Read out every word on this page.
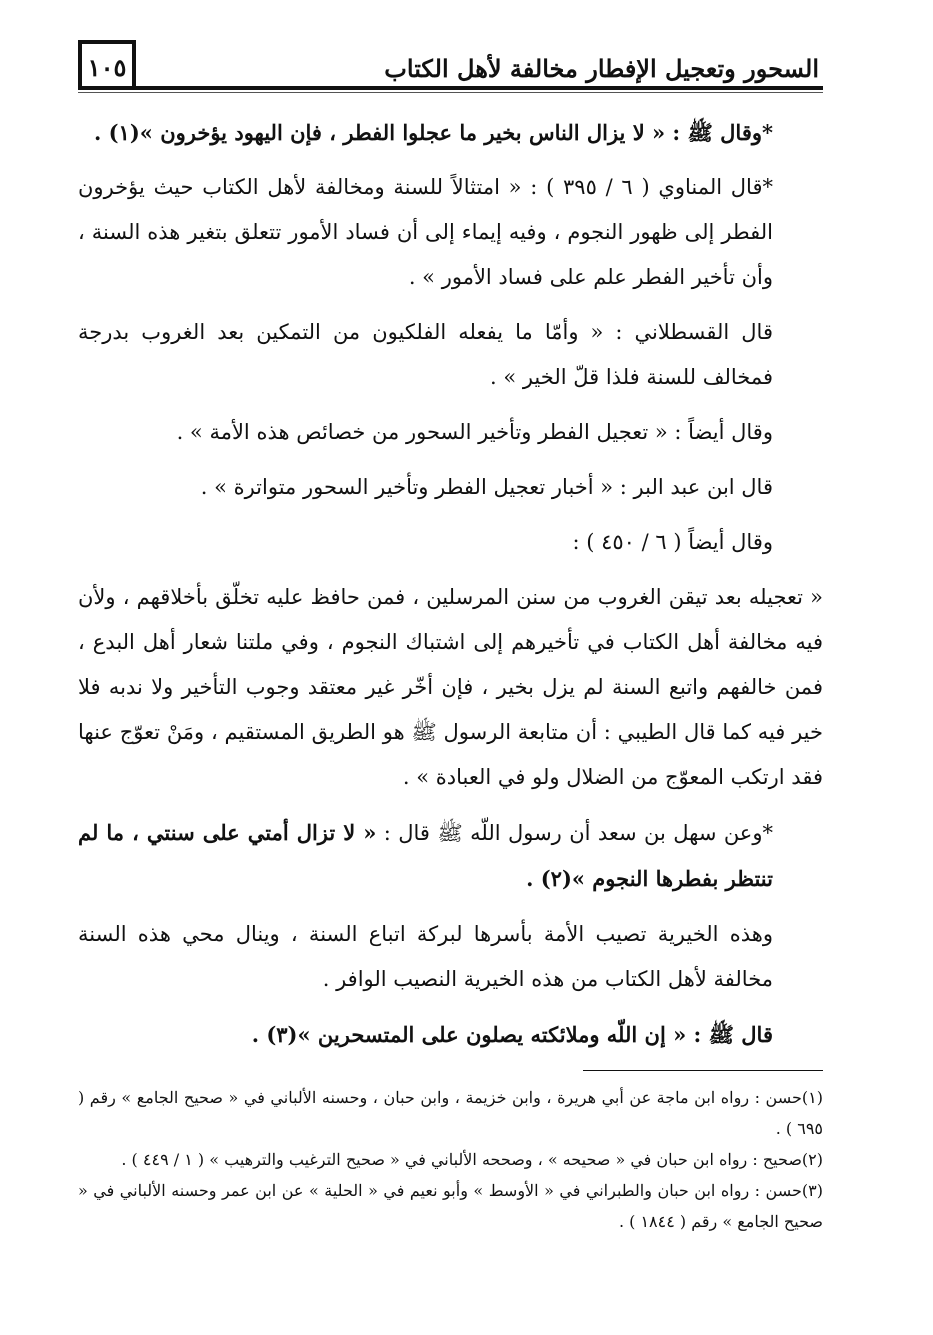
السحور وتعجيل الإفطار مخالفة لأهل الكتاب
١٠٥

*وقال ﷺ : « لا يزال الناس بخير ما عجلوا الفطر ، فإن اليهود يؤخرون »(١) .

*قال المناوي ( ٦ / ٣٩٥ ) : « امتثالاً للسنة ومخالفة لأهل الكتاب حيث يؤخرون الفطر إلى ظهور النجوم ، وفيه إيماء إلى أن فساد الأمور تتعلق بتغير هذه السنة ، وأن تأخير الفطر علم على فساد الأمور » .

قال القسطلاني : « وأمّا ما يفعله الفلكيون من التمكين بعد الغروب بدرجة فمخالف للسنة فلذا قلّ الخير » .

وقال أيضاً : « تعجيل الفطر وتأخير السحور من خصائص هذه الأمة » .

قال ابن عبد البر : « أخبار تعجيل الفطر وتأخير السحور متواترة » .

وقال أيضاً ( ٦ / ٤٥٠ ) :

« تعجيله بعد تيقن الغروب من سنن المرسلين ، فمن حافظ عليه تخلّق بأخلاقهم ، ولأن فيه مخالفة أهل الكتاب في تأخيرهم إلى اشتباك النجوم ، وفي ملتنا شعار أهل البدع ، فمن خالفهم واتبع السنة لم يزل بخير ، فإن أخّر غير معتقد وجوب التأخير ولا ندبه فلا خير فيه كما قال الطيبي : أن متابعة الرسول ﷺ هو الطريق المستقيم ، ومَنْ تعوّج عنها فقد ارتكب المعوّج من الضلال ولو في العبادة » .

*وعن سهل بن سعد أن رسول اللّه ﷺ قال : « لا تزال أمتي على سنتي ، ما لم تنتظر بفطرها النجوم »(٢) .

وهذه الخيرية تصيب الأمة بأسرها لبركة اتباع السنة ، وينال محي هذه السنة مخالفة لأهل الكتاب من هذه الخيرية النصيب الوافر .

قال ﷺ : « إن اللّه وملائكته يصلون على المتسحرين »(٣) .

(١)حسن : رواه ابن ماجة عن أبي هريرة ، وابن خزيمة ، وابن حبان ، وحسنه الألباني في « صحيح الجامع » رقم ( ٦٩٥ ) .

(٢)صحيح : رواه ابن حبان في « صحيحه » ، وصححه الألباني في « صحيح الترغيب والترهيب » ( ١ / ٤٤٩ ) .

(٣)حسن : رواه ابن حبان والطبراني في « الأوسط » وأبو نعيم في « الحلية » عن ابن عمر وحسنه الألباني في « صحيح الجامع » رقم ( ١٨٤٤ ) .
